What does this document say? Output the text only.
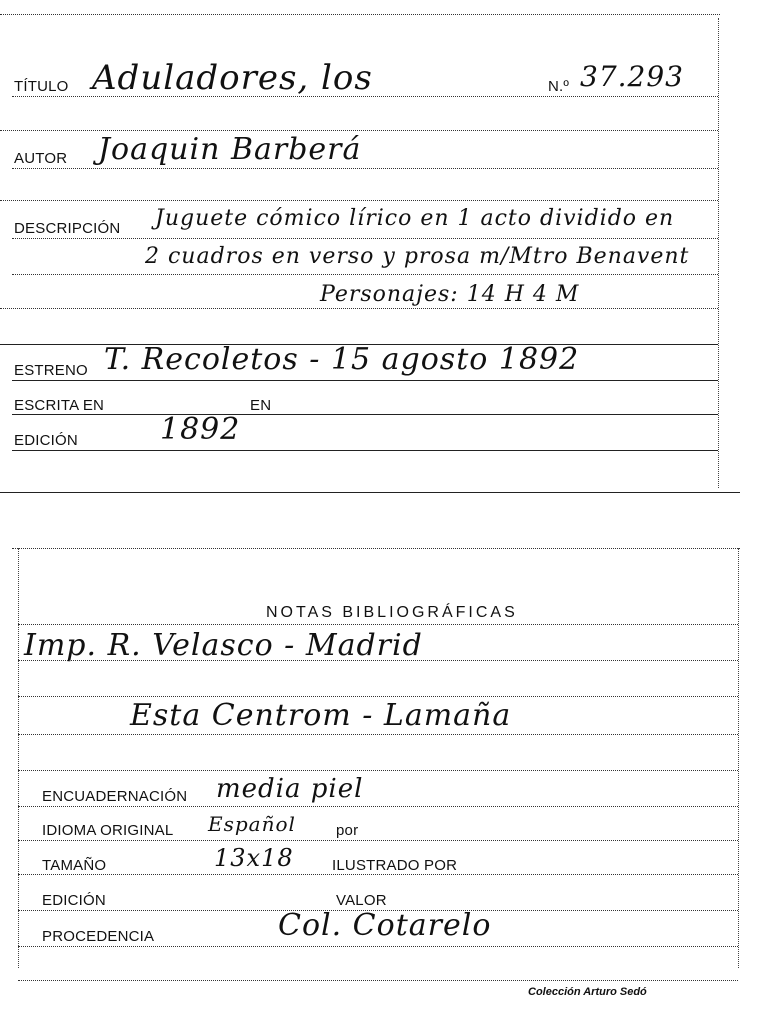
TÍTULO Aduladores, los	N.º 37.293
AUTOR Joaquin Barberá
DESCRIPCIÓN Juguete cómico lírico en 1 acto dividido en
2 cuadros en verso y prosa m/Mtro Benavent
Personajes: 14 H 4 M
ESTRENO T. Recoletos - 15 agosto 1892
ESCRITA EN	EN
EDICIÓN	1892
NOTAS BIBLIOGRÁFICAS
Imp. R. Velasco - Madrid
Esta Centrom - Lamaña
ENCUADERNACIÓN media piel
IDIOMA ORIGINAL Español	por
TAMAÑO	13x18	ILUSTRADO POR
EDICIÓN	VALOR
PROCEDENCIA	Col. Cotarelo
Colección Arturo Sedó
